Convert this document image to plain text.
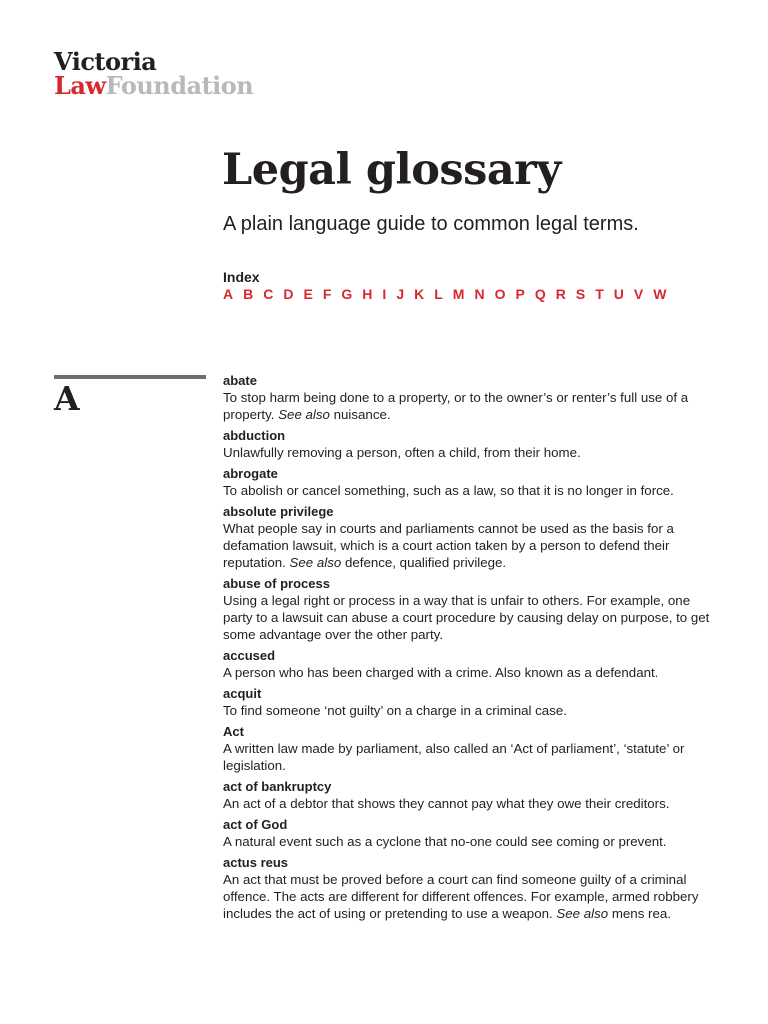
Victoria
LawFoundation
Legal glossary
A plain language guide to common legal terms.
Index
A B C D E F G H I J K L M N O P Q R S T U V W
A	abate
To stop harm being done to a property, or to the owner’s or renter’s full use of a property. See also nuisance.
abduction
Unlawfully removing a person, often a child, from their home.
abrogate
To abolish or cancel something, such as a law, so that it is no longer in force.
absolute privilege
What people say in courts and parliaments cannot be used as the basis for a defamation lawsuit, which is a court action taken by a person to defend their reputation. See also defence, qualified privilege.
abuse of process
Using a legal right or process in a way that is unfair to others. For example, one party to a lawsuit can abuse a court procedure by causing delay on purpose, to get some advantage over the other party.
accused
A person who has been charged with a crime. Also known as a defendant.
acquit
To find someone ‘not guilty’ on a charge in a criminal case.
Act
A written law made by parliament, also called an ‘Act of parliament’, ‘statute’ or legislation.
act of bankruptcy
An act of a debtor that shows they cannot pay what they owe their creditors.
act of God
A natural event such as a cyclone that no-one could see coming or prevent.
actus reus
An act that must be proved before a court can find someone guilty of a criminal offence. The acts are different for different offences. For example, armed robbery includes the act of using or pretending to use a weapon. See also mens rea.
